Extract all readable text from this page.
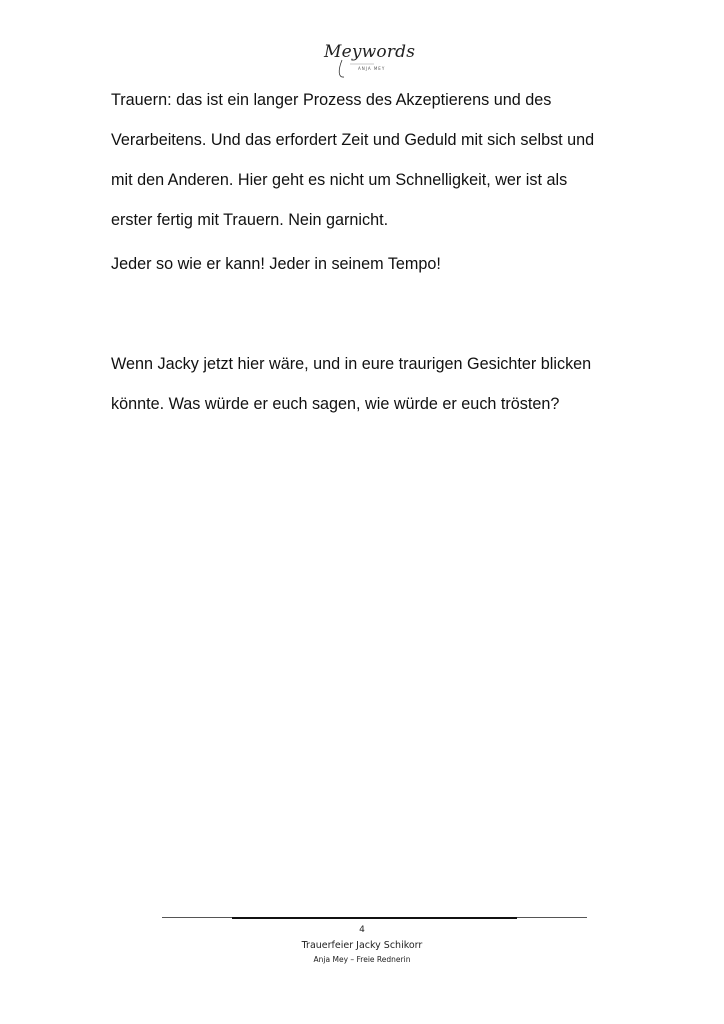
Meywords
ANJA MEY

Trauern: das ist ein langer Prozess des Akzeptierens und des

Verarbeitens. Und das erfordert Zeit und Geduld mit sich selbst und

mit den Anderen. Hier geht es nicht um Schnelligkeit, wer ist als

erster fertig mit Trauern. Nein garnicht.

Jeder so wie er kann! Jeder in seinem Tempo!

Wenn Jacky jetzt hier wäre, und in eure traurigen Gesichter blicken

könnte. Was würde er euch sagen, wie würde er euch trösten?

4
Trauerfeier Jacky Schikorr
Anja Mey – Freie Rednerin
